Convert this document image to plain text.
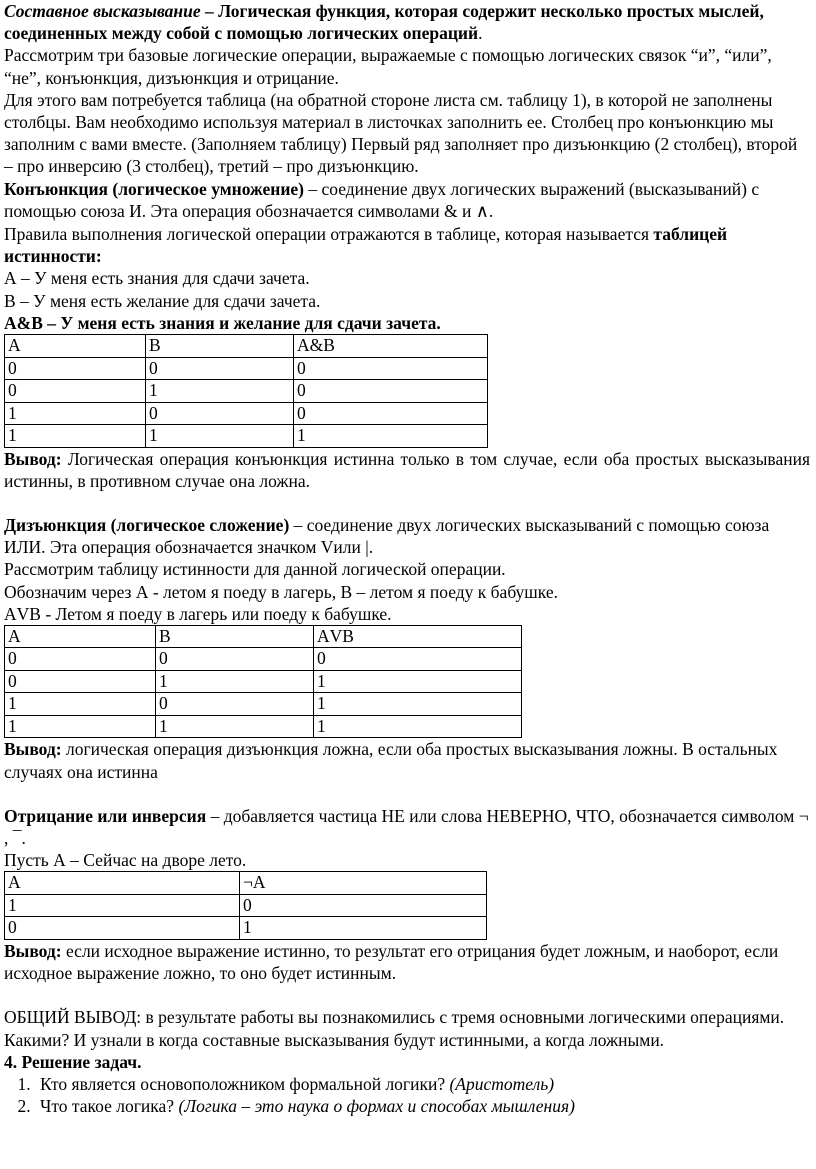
Составное высказывание – Логическая функция, которая содержит несколько простых мыслей, соединенных между собой с помощью логических операций.

Рассмотрим три базовые логические операции, выражаемые с помощью логических связок “и”, “или”, “не”, конъюнкция, дизъюнкция и отрицание.

Для этого вам потребуется таблица (на обратной стороне листа см. таблицу 1), в которой не заполнены столбцы. Вам необходимо используя материал в листочках заполнить ее. Столбец про конъюнкцию мы заполним с вами вместе. (Заполняем таблицу) Первый ряд заполняет про дизъюнкцию (2 столбец), второй – про инверсию (3 столбец), третий – про дизъюнкцию.

Конъюнкция (логическое умножение) – соединение двух логических выражений (высказываний) с помощью союза И. Эта операция обозначается символами & и ∧.

Правила выполнения логической операции отражаются в таблице, которая называется таблицей истинности:

А – У меня есть знания для сдачи зачета.

В – У меня есть желание для сдачи зачета.

А&В – У меня есть знания и желание для сдачи зачета.

А	В	А&В
0	0	0
0	1	0
1	0	0
1	1	1

Вывод: Логическая операция конъюнкция истинна только в том случае, если оба простых высказывания истинны, в противном случае она ложна.

Дизъюнкция (логическое сложение) – соединение двух логических высказываний с помощью союза ИЛИ. Эта операция обозначается значком Vили |.

Рассмотрим таблицу истинности для данной логической операции.

Обозначим через А - летом я поеду в лагерь, В – летом я поеду к бабушке.

АVВ - Летом я поеду в лагерь или поеду к бабушке.

А	В	АVВ
0	0	0
0	1	1
1	0	1
1	1	1

Вывод: логическая операция дизъюнкция ложна, если оба простых высказывания ложны. В остальных случаях она истинна

Отрицание или инверсия – добавляется частица НЕ или слова НЕВЕРНО, ЧТО, обозначается символом ¬ , ¯.

Пусть А – Сейчас на дворе лето.

А	¬А
1	0
0	1

Вывод: если исходное выражение истинно, то результат его отрицания будет ложным, и наоборот, если исходное выражение ложно, то оно будет истинным.

ОБЩИЙ ВЫВОД: в результате работы вы познакомились с тремя основными логическими операциями. Какими? И узнали в когда составные высказывания будут истинными, а когда ложными.

4. Решение задач.

1. Кто является основоположником формальной логики? (Аристотель)
2. Что такое логика? (Логика – это наука о формах и способах мышления)
